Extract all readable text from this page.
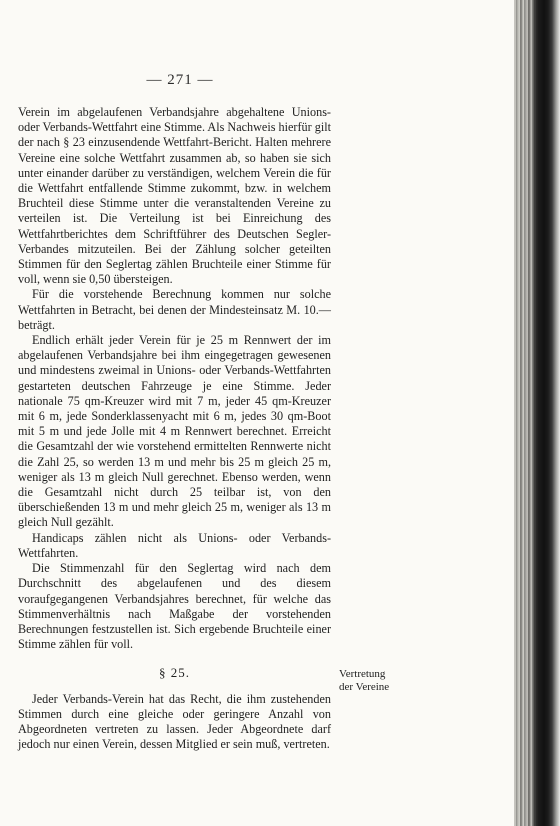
— 271 —

Verein im abgelaufenen Verbandsjahre abgehaltene Unions- oder Verbands-Wettfahrt eine Stimme. Als Nachweis hierfür gilt der nach § 23 einzusendende Wettfahrt-Bericht. Halten mehrere Vereine eine solche Wettfahrt zusammen ab, so haben sie sich unter einander darüber zu verständigen, welchem Verein die für die Wettfahrt entfallende Stimme zukommt, bzw. in welchem Bruchteil diese Stimme unter die veranstaltenden Vereine zu verteilen ist. Die Verteilung ist bei Einreichung des Wettfahrtberichtes dem Schriftführer des Deutschen Segler-Verbandes mitzuteilen. Bei der Zählung solcher geteilten Stimmen für den Seglertag zählen Bruchteile einer Stimme für voll, wenn sie 0,50 übersteigen.

Für die vorstehende Berechnung kommen nur solche Wettfahrten in Betracht, bei denen der Mindesteinsatz M. 10.— beträgt.

Endlich erhält jeder Verein für je 25 m Rennwert der im abgelaufenen Verbandsjahre bei ihm eingegetragen gewesenen und mindestens zweimal in Unions- oder Verbands-Wettfahrten gestarteten deutschen Fahrzeuge je eine Stimme. Jeder nationale 75 qm-Kreuzer wird mit 7 m, jeder 45 qm-Kreuzer mit 6 m, jede Sonderklassenyacht mit 6 m, jedes 30 qm-Boot mit 5 m und jede Jolle mit 4 m Rennwert berechnet. Erreicht die Gesamtzahl der wie vorstehend ermittelten Rennwerte nicht die Zahl 25, so werden 13 m und mehr bis 25 m gleich 25 m, weniger als 13 m gleich Null gerechnet. Ebenso werden, wenn die Gesamtzahl nicht durch 25 teilbar ist, von den überschießenden 13 m und mehr gleich 25 m, weniger als 13 m gleich Null gezählt.

Handicaps zählen nicht als Unions- oder Verbands-Wettfahrten.

Die Stimmenzahl für den Seglertag wird nach dem Durchschnitt des abgelaufenen und des diesem voraufgegangenen Verbandsjahres berechnet, für welche das Stimmenverhältnis nach Maßgabe der vorstehenden Berechnungen festzustellen ist. Sich ergebende Bruchteile einer Stimme zählen für voll.

§ 25.

Jeder Verbands-Verein hat das Recht, die ihm zustehenden Stimmen durch eine gleiche oder geringere Anzahl von Abgeordneten vertreten zu lassen. Jeder Abgeordnete darf jedoch nur einen Verein, dessen Mitglied er sein muß, vertreten.

Vertretung
der Vereine
